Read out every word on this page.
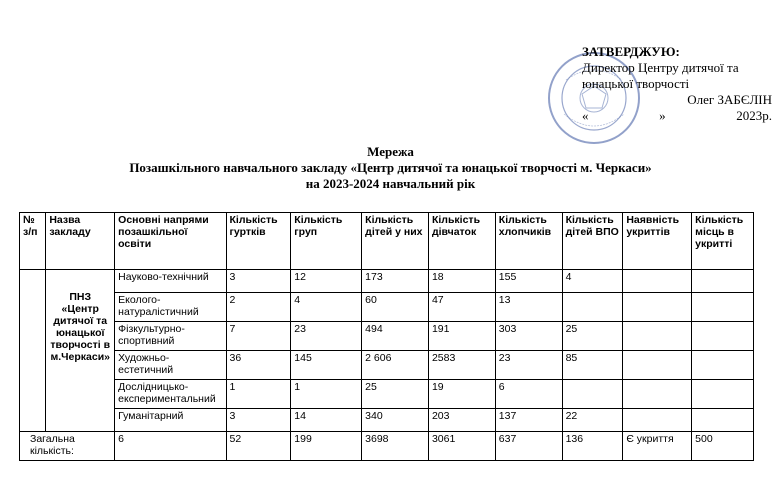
ЗАТВЕРДЖУЮ:
Директор Центру дитячої та
юнацької творчості
Олег ЗАБЄЛІН
«	»	2023р.
Мережа
Позашкільного навчального закладу «Центр дитячої та юнацької творчості м. Черкаси»
на 2023-2024 навчальний рік
№ з/п	Назва закладу	Основні напрями позашкільної освіти	Кількість гуртків	Кількість груп	Кількість дітей у них	Кількість дівчаток	Кількість хлопчиків	Кількість дітей ВПО	Наявність укриттів	Кількість місць в укритті

	ПНЗ «Центр дитячої та юнацької творчості в м.Черкаси»	Науково-технічний	3	12	173	18	155	4		
		Еколого-натуралістичний	2	4	60	47	13			
		Фізкультурно-спортивний	7	23	494	191	303	25		
		Художньо-естетичний	36	145	2 606	2583	23	85		
		Дослідницько-експериментальний	1	1	25	19	6			
		Гуманітарний	3	14	340	203	137	22		
Загальна кількість:		6	52	199	3698	3061	637	136	Є укриття	500
